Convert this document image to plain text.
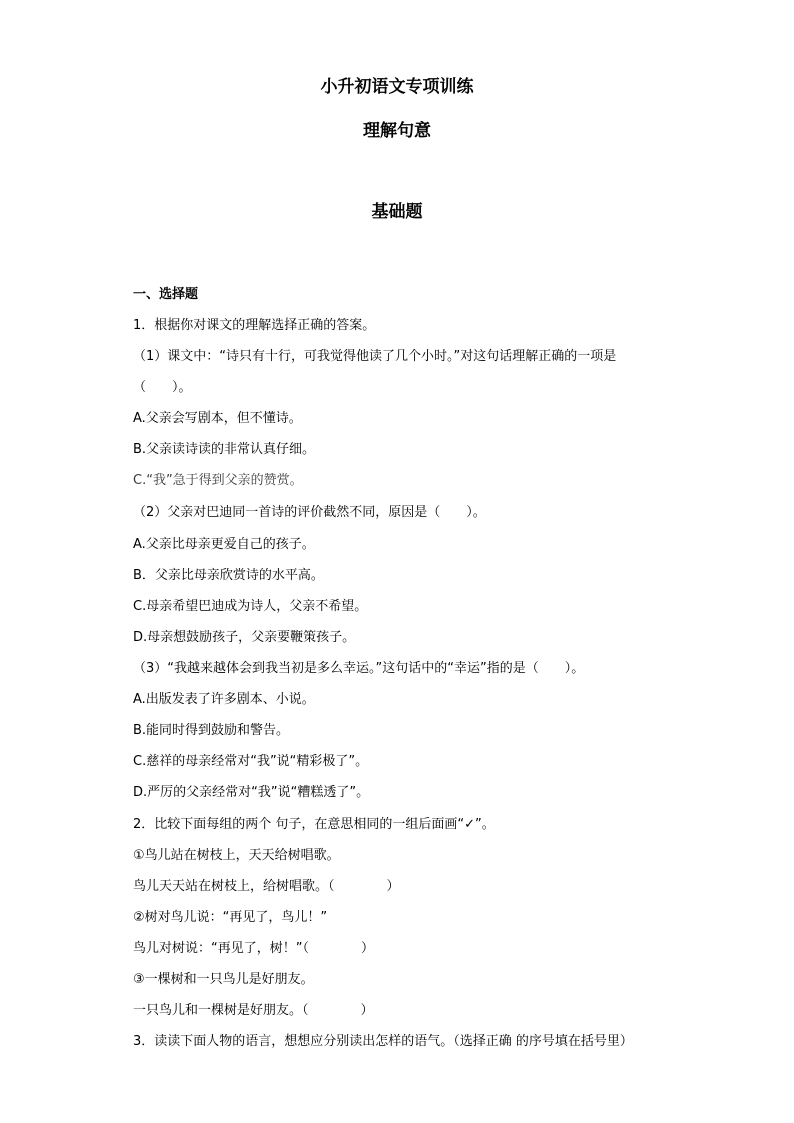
小升初语文专项训练
理解句意
基础题
一、选择题
1．根据你对课文的理解选择正确的答案。
（1）课文中：“诗只有十行，可我觉得他读了几个小时。”对这句话理解正确的一项是
（　　）。
A.父亲会写剧本，但不懂诗。
B.父亲读诗读的非常认真仔细。
C.“我”急于得到父亲的赞赏。
（2）父亲对巴迪同一首诗的评价截然不同，原因是（　　）。
A.父亲比母亲更爱自己的孩子。
B．父亲比母亲欣赏诗的水平高。
C.母亲希望巴迪成为诗人，父亲不希望。
D.母亲想鼓励孩子，父亲要鞭策孩子。
（3）“我越来越体会到我当初是多么幸运。”这句话中的“幸运”指的是（　　）。
A.出版发表了许多剧本、小说。
B.能同时得到鼓励和警告。
C.慈祥的母亲经常对“我”说“精彩极了”。
D.严厉的父亲经常对“我”说“糟糕透了”。
2．比较下面每组的两个 句子，在意思相同的一组后面画“✓”。
①鸟儿站在树枝上，天天给树唱歌。
鸟儿天天站在树枝上，给树唱歌。（　　　　）
②树对鸟儿说：“再见了，鸟儿！”
鸟儿对树说：“再见了，树！”（　　　　）
③一棵树和一只鸟儿是好朋友。
一只鸟儿和一棵树是好朋友。（　　　　）
3．读读下面人物的语言，想想应分别读出怎样的语气。（选择正确 的序号填在括号里）
